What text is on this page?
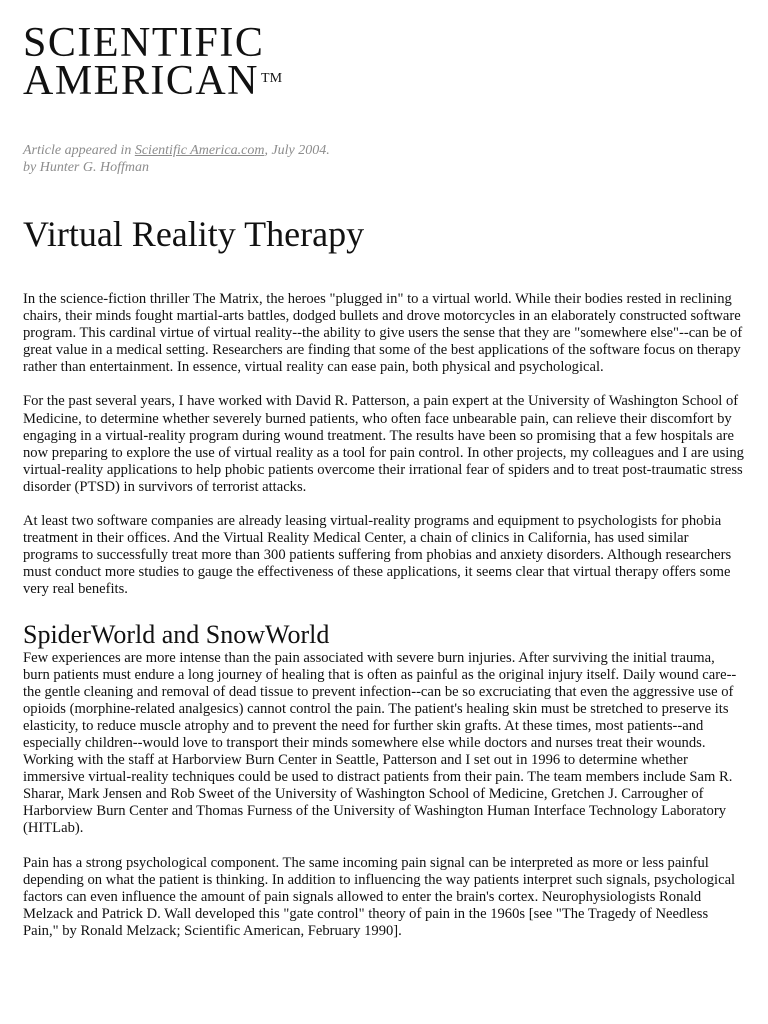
SCIENTIFIC
AMERICAN ™
Article appeared in Scientific America.com, July 2004.
by Hunter G. Hoffman
Virtual Reality Therapy

In the science-fiction thriller The Matrix, the heroes "plugged in" to a virtual world. While their bodies rested in reclining chairs, their minds fought martial-arts battles, dodged bullets and drove motorcycles in an elaborately constructed software program. This cardinal virtue of virtual reality--the ability to give users the sense that they are "somewhere else"--can be of great value in a medical setting. Researchers are finding that some of the best applications of the software focus on therapy rather than entertainment. In essence, virtual reality can ease pain, both physical and psychological.

For the past several years, I have worked with David R. Patterson, a pain expert at the University of Washington School of Medicine, to determine whether severely burned patients, who often face unbearable pain, can relieve their discomfort by engaging in a virtual-reality program during wound treatment. The results have been so promising that a few hospitals are now preparing to explore the use of virtual reality as a tool for pain control. In other projects, my colleagues and I are using virtual-reality applications to help phobic patients overcome their irrational fear of spiders and to treat post-traumatic stress disorder (PTSD) in survivors of terrorist attacks.

At least two software companies are already leasing virtual-reality programs and equipment to psychologists for phobia treatment in their offices. And the Virtual Reality Medical Center, a chain of clinics in California, has used similar programs to successfully treat more than 300 patients suffering from phobias and anxiety disorders. Although researchers must conduct more studies to gauge the effectiveness of these applications, it seems clear that virtual therapy offers some very real benefits.

SpiderWorld and SnowWorld

Few experiences are more intense than the pain associated with severe burn injuries. After surviving the initial trauma, burn patients must endure a long journey of healing that is often as painful as the original injury itself. Daily wound care--the gentle cleaning and removal of dead tissue to prevent infection--can be so excruciating that even the aggressive use of opioids (morphine-related analgesics) cannot control the pain. The patient's healing skin must be stretched to preserve its elasticity, to reduce muscle atrophy and to prevent the need for further skin grafts. At these times, most patients--and especially children--would love to transport their minds somewhere else while doctors and nurses treat their wounds. Working with the staff at Harborview Burn Center in Seattle, Patterson and I set out in 1996 to determine whether immersive virtual-reality techniques could be used to distract patients from their pain. The team members include Sam R. Sharar, Mark Jensen and Rob Sweet of the University of Washington School of Medicine, Gretchen J. Carrougher of Harborview Burn Center and Thomas Furness of the University of Washington Human Interface Technology Laboratory (HITLab).

Pain has a strong psychological component. The same incoming pain signal can be interpreted as more or less painful depending on what the patient is thinking. In addition to influencing the way patients interpret such signals, psychological factors can even influence the amount of pain signals allowed to enter the brain's cortex. Neurophysiologists Ronald Melzack and Patrick D. Wall developed this "gate control" theory of pain in the 1960s [see "The Tragedy of Needless Pain," by Ronald Melzack; Scientific American, February 1990].
